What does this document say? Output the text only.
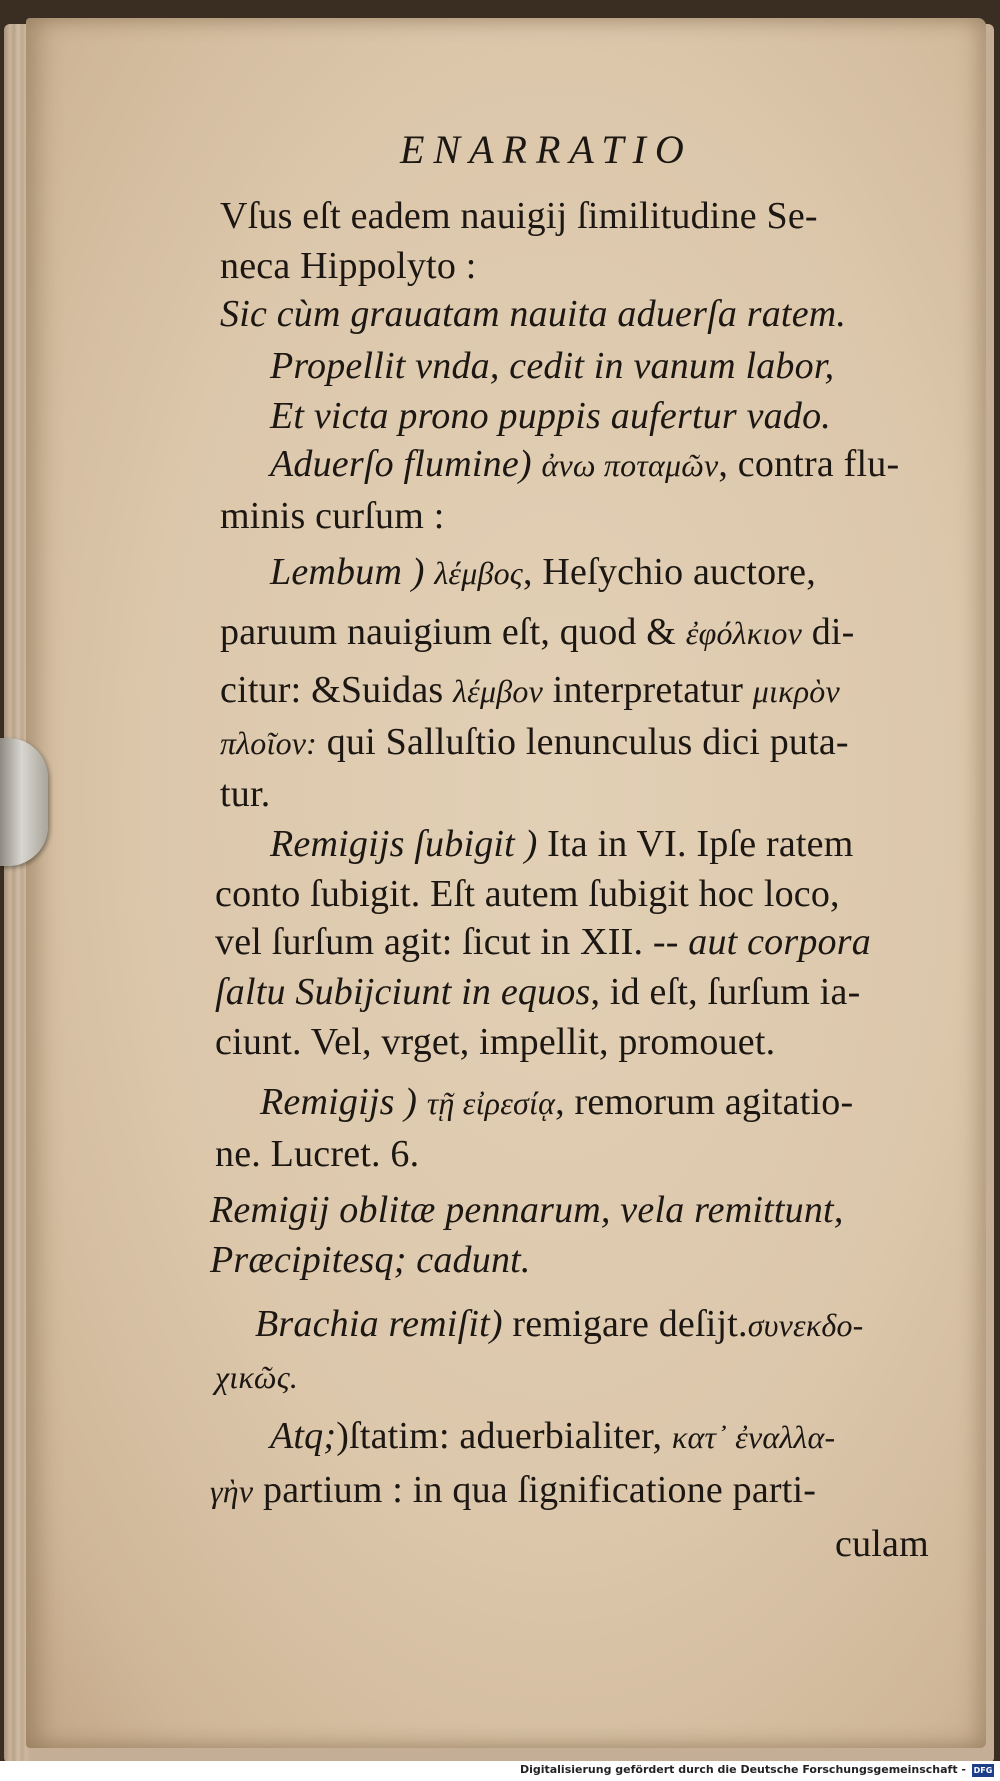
ENARRATIO
Vſus eſt eadem nauigij ſimilitudine Se-
neca Hippolyto :
Sic cùm grauatam nauita aduerſa ratem.
Propellit vnda, cedit in vanum labor,
Et victa prono puppis aufertur vado.
Aduerſo flumine) ἀνω ποταμῶν, contra flu-
minis curſum :
Lembum ) λέμβος, Heſychio auctore,
paruum nauigium eſt, quod & ἐφόλκιον di-
citur: &Suidas λέμβον interpretatur μικρὸν
πλοῖον: qui Salluſtio lenunculus dici puta-
tur.
Remigijs ſubigit ) Ita in VI. Ipſe ratem
conto ſubigit. Eſt autem ſubigit hoc loco,
vel ſurſum agit: ſicut in XII. -- aut corpora
ſaltu Subijciunt in equos, id eſt, ſurſum ia-
ciunt. Vel, vrget, impellit, promouet.
Remigijs ) τῇ εἰρεσίᾳ, remorum agitatio-
ne. Lucret. 6.
Remigij oblitæ pennarum, vela remittunt,
Præcipitesq; cadunt.
Brachia remiſit) remigare deſijt.συνεκδο-
χικῶς.
Atq;)ſtatim: aduerbialiter, κατ᾽ ἐναλλα-
γὴν partium : in qua ſignificatione parti-
culam
Digitalisierung gefördert durch die Deutsche Forschungsgemeinschaft - DFG
